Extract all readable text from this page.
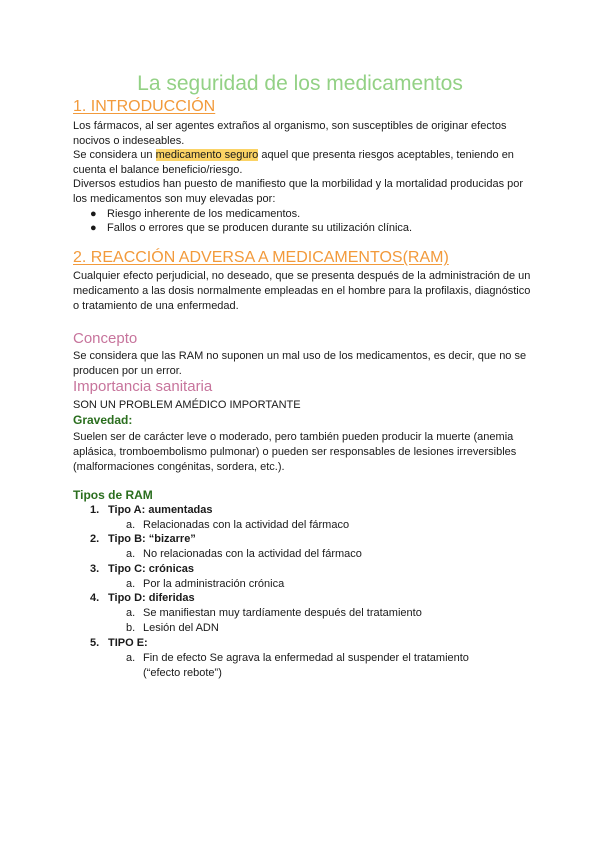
La seguridad de los medicamentos
1. INTRODUCCIÓN

Los fármacos, al ser agentes extraños al organismo, son susceptibles de originar efectos nocivos o indeseables.

Se considera un medicamento seguro aquel que presenta riesgos aceptables, teniendo en cuenta el balance beneficio/riesgo.

Diversos estudios han puesto de manifiesto que la morbilidad y la mortalidad producidas por los medicamentos son muy elevadas por:

● Riesgo inherente de los medicamentos.
● Fallos o errores que se producen durante su utilización clínica.
2. REACCIÓN ADVERSA A MEDICAMENTOS(RAM)

Cualquier efecto perjudicial, no deseado, que se presenta después de la administración de un medicamento a las dosis normalmente empleadas en el hombre para la profilaxis, diagnóstico o tratamiento de una enfermedad.

Concepto

Se considera que las RAM no suponen un mal uso de los medicamentos, es decir, que no se producen por un error.

Importancia sanitaria

SON UN PROBLEM AMÉDICO IMPORTANTE

Gravedad:

Suelen ser de carácter leve o moderado, pero también pueden producir la muerte (anemia aplásica, tromboembolismo pulmonar) o pueden ser responsables de lesiones irreversibles (malformaciones congénitas, sordera, etc.).

Tipos de RAM
1. Tipo A: aumentadas
a. Relacionadas con la actividad del fármaco
2. Tipo B: “bizarre”
a. No relacionadas con la actividad del fármaco
3. Tipo C: crónicas
a. Por la administración crónica
4. Tipo D: diferidas
a. Se manifiestan muy tardíamente después del tratamiento
b. Lesión del ADN
5. TIPO E:
a. Fin de efecto Se agrava la enfermedad al suspender el tratamiento (“efecto rebote”)
